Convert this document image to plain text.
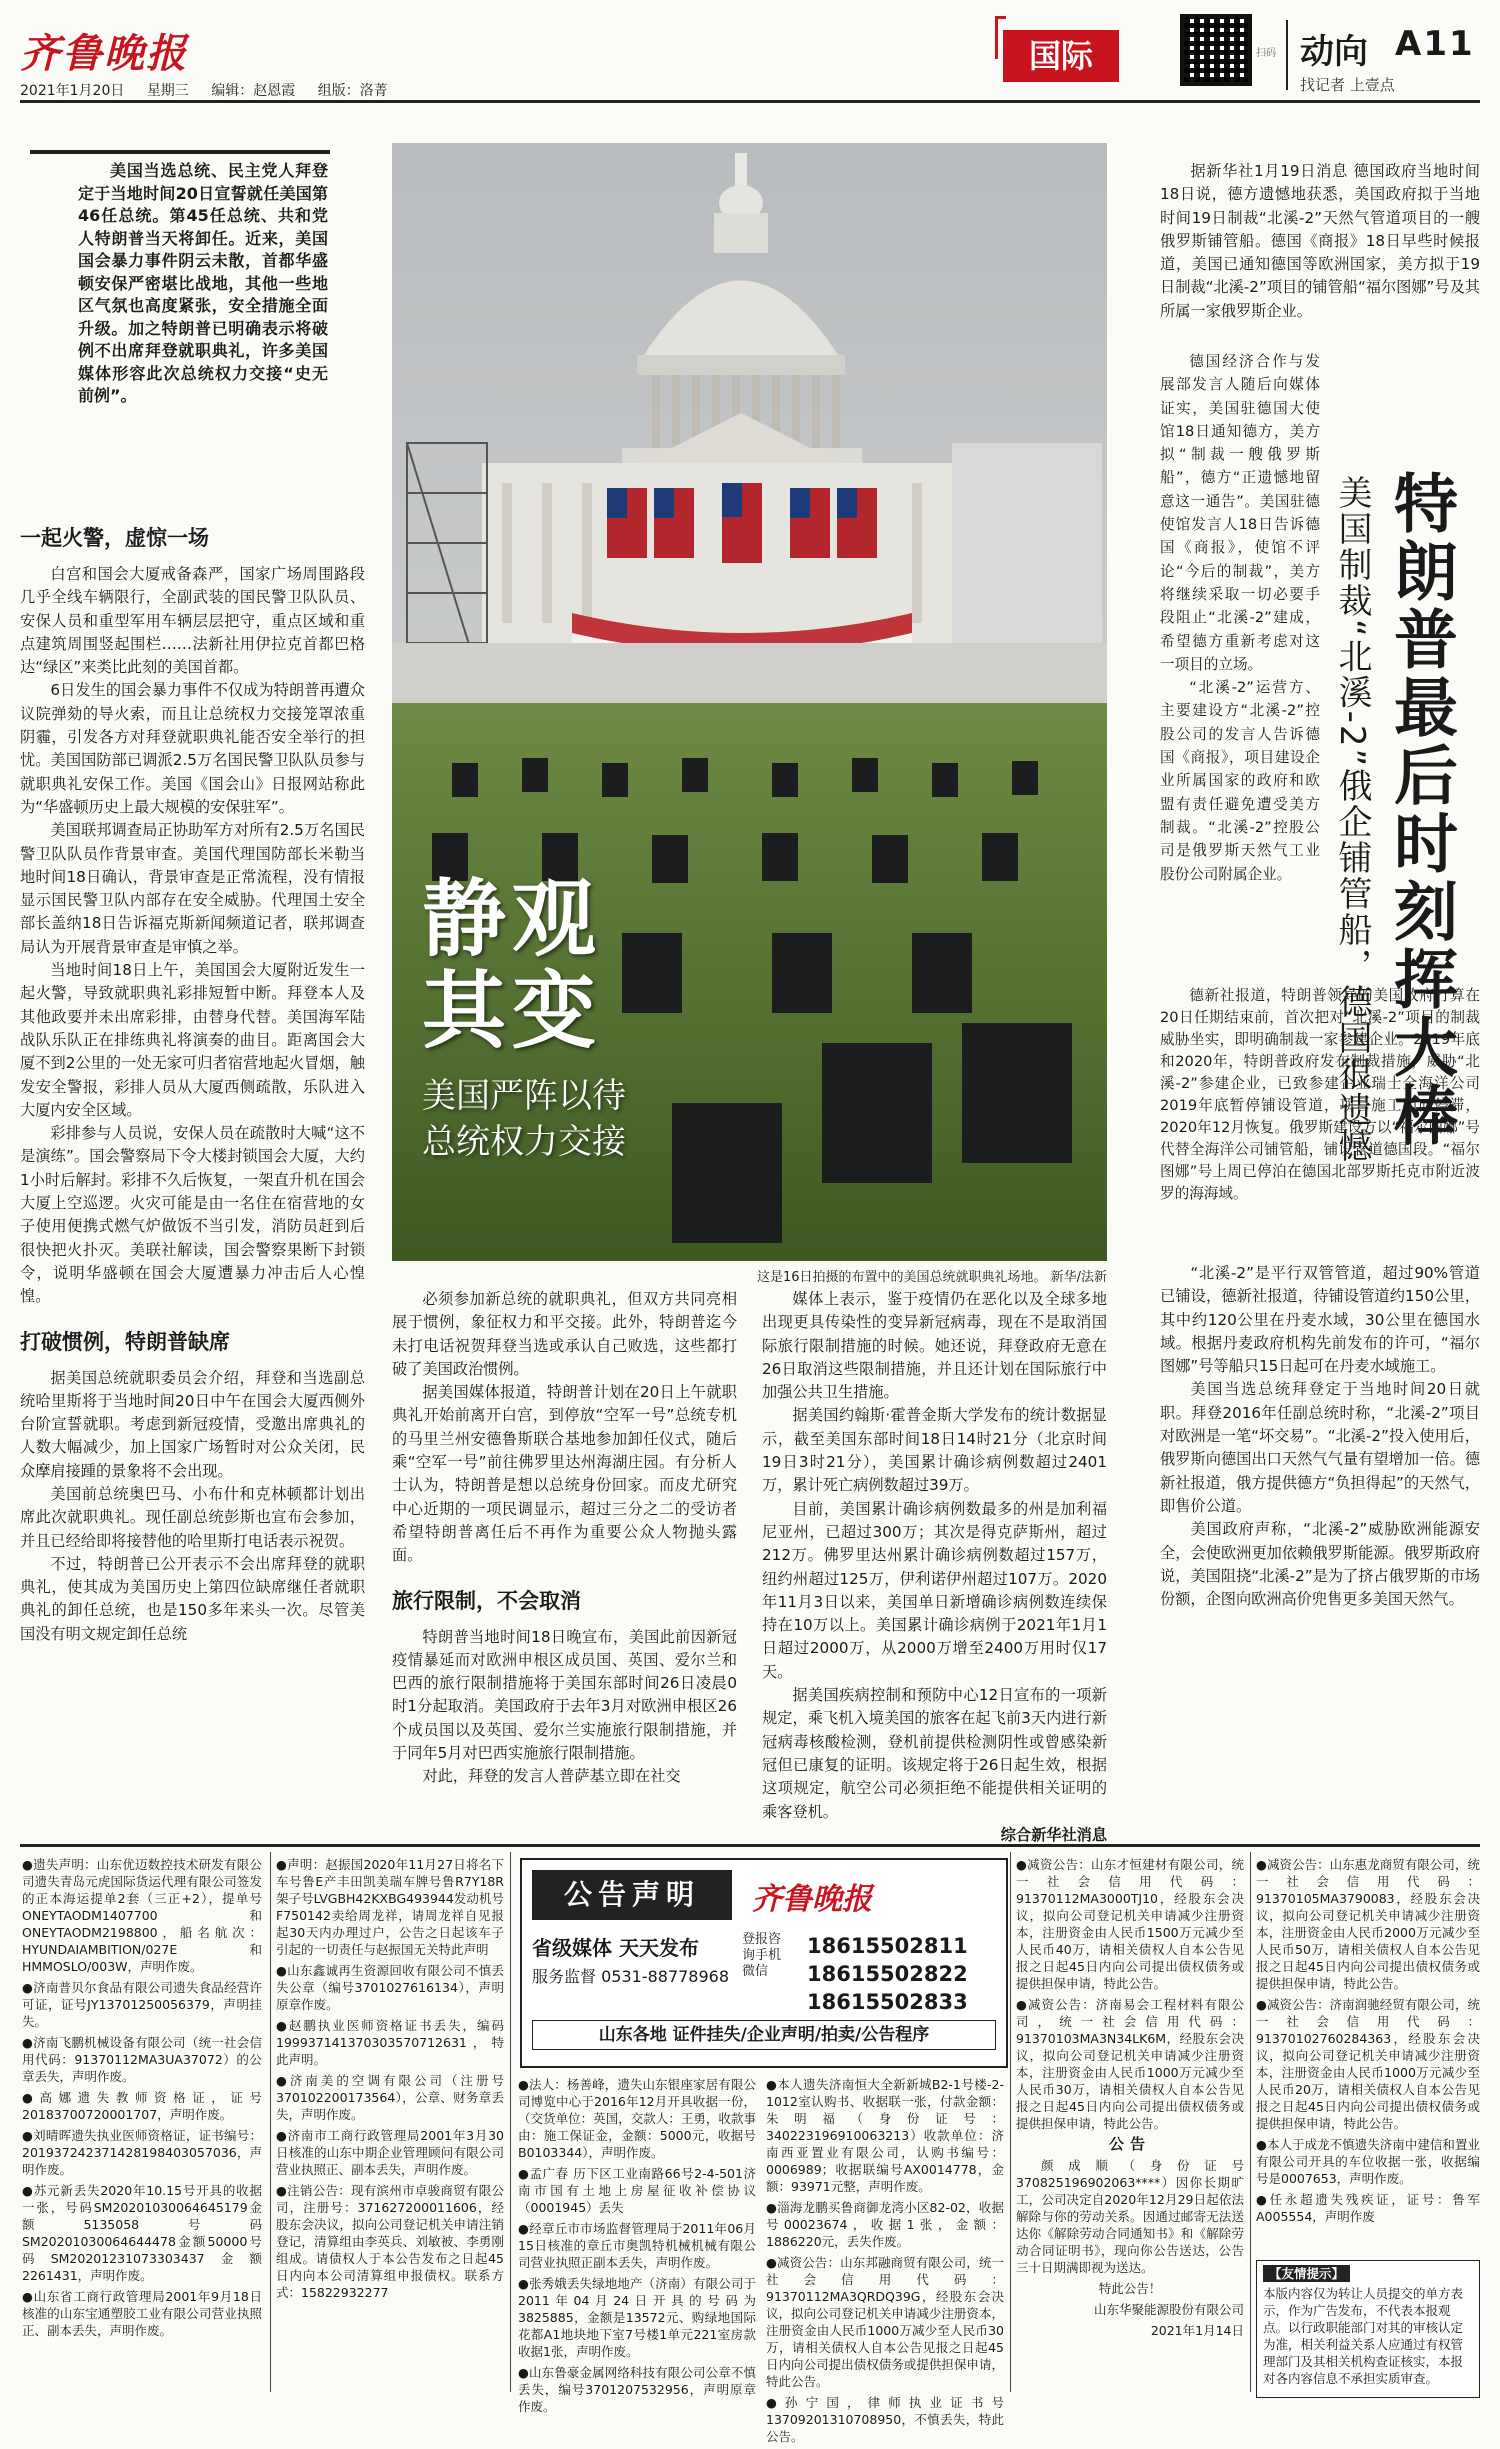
齐鲁晚报
2021年1月20日 星期三 编辑：赵恩霞 组版：洛菁
国际	扫码 动向 A11
找记者 上壹点

美国当选总统、民主党人拜登定于当地时间20日宣誓就任美国第46任总统。第45任总统、共和党人特朗普当天将卸任。近来，美国国会暴力事件阴云未散，首都华盛顿安保严密堪比战地，其他一些地区气氛也高度紧张，安全措施全面升级。加之特朗普已明确表示将破例不出席拜登就职典礼，许多美国媒体形容此次总统权力交接“史无前例”。

一起火警，虚惊一场

白宫和国会大厦戒备森严，国家广场周围路段几乎全线车辆限行，全副武装的国民警卫队队员、安保人员和重型军用车辆层层把守，重点区域和重点建筑周围竖起围栏……法新社用伊拉克首都巴格达“绿区”来类比此刻的美国首都。

6日发生的国会暴力事件不仅成为特朗普再遭众议院弹劾的导火索，而且让总统权力交接笼罩浓重阴霾，引发各方对拜登就职典礼能否安全举行的担忧。美国国防部已调派2.5万名国民警卫队队员参与就职典礼安保工作。美国《国会山》日报网站称此为“华盛顿历史上最大规模的安保驻军”。

美国联邦调查局正协助军方对所有2.5万名国民警卫队队员作背景审查。美国代理国防部长米勒当地时间18日确认，背景审查是正常流程，没有情报显示国民警卫队内部存在安全威胁。代理国土安全部长盖纳18日告诉福克斯新闻频道记者，联邦调查局认为开展背景审查是审慎之举。

当地时间18日上午，美国国会大厦附近发生一起火警，导致就职典礼彩排短暂中断。拜登本人及其他政要并未出席彩排，由替身代替。美国海军陆战队乐队正在排练典礼将演奏的曲目。距离国会大厦不到2公里的一处无家可归者宿营地起火冒烟，触发安全警报，彩排人员从大厦西侧疏散，乐队进入大厦内安全区域。

彩排参与人员说，安保人员在疏散时大喊“这不是演练”。国会警察局下令大楼封锁国会大厦，大约1小时后解封。彩排不久后恢复，一架直升机在国会大厦上空巡逻。火灾可能是由一名住在宿营地的女子使用便携式燃气炉做饭不当引发，消防员赶到后很快把火扑灭。美联社解读，国会警察果断下封锁令，说明华盛顿在国会大厦遭暴力冲击后人心惶惶。

打破惯例，特朗普缺席

据美国总统就职委员会介绍，拜登和当选副总统哈里斯将于当地时间20日中午在国会大厦西侧外台阶宣誓就职。考虑到新冠疫情，受邀出席典礼的人数大幅减少，加上国家广场暂时对公众关闭，民众摩肩接踵的景象将不会出现。

美国前总统奥巴马、小布什和克林顿都计划出席此次就职典礼。现任副总统彭斯也宣布会参加，并且已经给即将接替他的哈里斯打电话表示祝贺。

不过，特朗普已公开表示不会出席拜登的就职典礼，使其成为美国历史上第四位缺席继任者就职典礼的卸任总统，也是150多年来头一次。尽管美国没有明文规定卸任总统

静观
其变
美国严阵以待
总统权力交接
这是16日拍摄的布置中的美国总统就职典礼场地。 新华/法新

必须参加新总统的就职典礼，但双方共同亮相展于惯例，象征权力和平交接。此外，特朗普迄今未打电话祝贺拜登当选或承认自己败选，这些都打破了美国政治惯例。

据美国媒体报道，特朗普计划在20日上午就职典礼开始前离开白宫，到停放“空军一号”总统专机的马里兰州安德鲁斯联合基地参加卸任仪式，随后乘“空军一号”前往佛罗里达州海湖庄园。有分析人士认为，特朗普是想以总统身份回家。而皮尤研究中心近期的一项民调显示，超过三分之二的受访者希望特朗普离任后不再作为重要公众人物抛头露面。

旅行限制，不会取消

特朗普当地时间18日晚宣布，美国此前因新冠疫情暴延而对欧洲申根区成员国、英国、爱尔兰和巴西的旅行限制措施将于美国东部时间26日凌晨0时1分起取消。美国政府于去年3月对欧洲申根区26个成员国以及英国、爱尔兰实施旅行限制措施，并于同年5月对巴西实施旅行限制措施。

对此，拜登的发言人普萨基立即在社交

媒体上表示，鉴于疫情仍在恶化以及全球多地出现更具传染性的变异新冠病毒，现在不是取消国际旅行限制措施的时候。她还说，拜登政府无意在26日取消这些限制措施，并且还计划在国际旅行中加强公共卫生措施。

据美国约翰斯·霍普金斯大学发布的统计数据显示，截至美国东部时间18日14时21分（北京时间19日3时21分），美国累计确诊病例数超过2401万，累计死亡病例数超过39万。

目前，美国累计确诊病例数最多的州是加利福尼亚州，已超过300万；其次是得克萨斯州，超过212万。佛罗里达州累计确诊病例数超过157万，纽约州超过125万，伊利诺伊州超过107万。2020年11月3日以来，美国单日新增确诊病例数连续保持在10万以上。美国累计确诊病例于2021年1月1日超过2000万，从2000万增至2400万用时仅17天。

据美国疾病控制和预防中心12日宣布的一项新规定，乘飞机入境美国的旅客在起飞前3天内进行新冠病毒核酸检测，登机前提供检测阴性或曾感染新冠但已康复的证明。该规定将于26日起生效，根据这项规定，航空公司必须拒绝不能提供相关证明的乘客登机。

综合新华社消息

特朗普最后时刻挥大棒
美国制裁“北溪-2”俄企铺管船，德国很遗憾

据新华社1月19日消息 德国政府当地时间18日说，德方遗憾地获悉，美国政府拟于当地时间19日制裁“北溪-2”天然气管道项目的一艘俄罗斯铺管船。德国《商报》18日早些时候报道，美国已通知德国等欧洲国家，美方拟于19日制裁“北溪-2”项目的铺管船“福尔图娜”号及其所属一家俄罗斯企业。

德国经济合作与发展部发言人随后向媒体证实，美国驻德国大使馆18日通知德方，美方拟“制裁一艘俄罗斯船”，德方“正遗憾地留意这一通告”。美国驻德使馆发言人18日告诉德国《商报》，使馆不评论“今后的制裁”，美方将继续采取一切必要手段阻止“北溪-2”建成，希望德方重新考虑对这一项目的立场。

“北溪-2”运营方、主要建设方“北溪-2”控股公司的发言人告诉德国《商报》，项目建设企业所属国家的政府和欧盟有责任避免遭受美方制裁。“北溪-2”控股公司是俄罗斯天然气工业股份公司附属企业。

“北溪-2”是平行双管管道，超过90%管道已铺设，德新社报道，待铺设管道约150公里，其中约120公里在丹麦水域，30公里在德国水域。根据丹麦政府机构先前发布的许可，“福尔图娜”号等船只15日起可在丹麦水域施工。

美国当选总统拜登定于当地时间20日就职。拜登2016年任副总统时称，“北溪-2”项目对欧洲是一笔“坏交易”。“北溪-2”投入使用后，俄罗斯向德国出口天然气气量有望增加一倍。德新社报道，俄方提供德方“负担得起”的天然气，即售价公道。

美国政府声称，“北溪-2”威胁欧洲能源安全，会使欧洲更加依赖俄罗斯能源。俄罗斯政府说，美国阻挠“北溪-2”是为了挤占俄罗斯的市场份额，企图向欧洲高价兜售更多美国天然气。

德新社报道，特朗普领导的美国政府打算在20日任期结束前，首次把对“北溪-2”项目的制裁威胁坐实，即明确制裁一家参建企业。2019年底和2020年，特朗普政府发布制裁措施，威胁“北溪-2”参建企业，已致参建企业瑞士全海洋公司2019年底暂停铺设管道，项目施工因而停滞，2020年12月恢复。俄罗斯建设方以“福尔图娜”号代替全海洋公司铺管船，铺设管道德国段。“福尔图娜”号上周已停泊在德国北部罗斯托克市附近波罗的海海域。

●遗失声明：山东优迈数控技术研发有限公司遗失青岛元虎国际货运代理有限公司签发的正本海运提单2套（三正+2），提单号ONEYTAODM1407700和ONEYTAODM2198800，船名航次：HYUNDAIAMBITION/027E和HMMOSLO/003W，声明作废。
●济南普贝尔食品有限公司遗失食品经营许可证，证号JY13701250056379，声明挂失。
●济南飞鹏机械设备有限公司（统一社会信用代码：91370112MA3UA37072）的公章丢失，声明作废。
●高娜遗失教师资格证，证号20183700720001707，声明作废。
●刘晴晖遗失执业医师资格证，证书编号：201937242371428198403057036，声明作废。
●苏元新丢失2020年10.15号开具的收据一张，号码SM20201030064645179金额5135058号码SM20201030064644478金额50000号码SM20201231073303437金额2261431，声明作废。
●山东省工商行政管理局2001年9月18日核准的山东宝通塑胶工业有限公司营业执照正、副本丢失，声明作废。
●声明：赵振国2020年11月27日将名下车号鲁E产丰田凯美瑞车牌号鲁R7Y18R架子号LVGBH42KXBG493944发动机号F750142卖给周龙祥，请周龙祥自见报起30天内办理过户，公告之日起该车子引起的一切责任与赵振国无关特此声明
●山东鑫诚再生资源回收有限公司不慎丢失公章（编号3701027616134），声明原章作废。
●赵鹏执业医师资格证书丢失，编码199937141370303570712631，特此声明。
●济南美的空调有限公司（注册号370102200173564），公章、财务章丢失，声明作废。
●济南市工商行政管理局2001年3月30日核准的山东中期企业管理顾问有限公司营业执照正、副本丢失，声明作废。
●注销公告：现有滨州市卓骏商贸有限公司，注册号：371627200011606，经股东会决议，拟向公司登记机关申请注销登记，清算组由李英兵、刘敏被、李勇刚组成。请债权人于本公告发布之日起45日内向本公司清算组申报债权。联系方式：15822932277
公告声明	齐鲁晚报
省级媒体 天天发布
服务监督 0531-88778968
登报咨询手机微信
18615502811
18615502822
18615502833
山东各地 证件挂失/企业声明/拍卖/公告程序
●法人：杨善峰，遗失山东银座家居有限公司博览中心于2016年12月开具收据一份，（交货单位：英国，交款人：王勇，收款事由：施工保证金，金额：5000元，收据号B0103344），声明作废。
●孟广春 历下区工业南路66号2-4-501济南市国有土地上房屋征收补偿协议（0001945）丢失
●经章丘市市场监督管理局于2011年06月15日核准的章丘市奥凯特机械机械有限公司营业执照正副本丢失，声明作废。
●张秀娥丢失绿地地产（济南）有限公司于2011年04月24日开具的号码为3825885，金额是13572元、购绿地国际花都A1地块地下室7号楼1单元221室房款收据1张，声明作废。
●山东鲁豪金属网络科技有限公司公章不慎丢失，编号3701207532956，声明原章作废。
●本人遗失济南恒大全新新城B2-1号楼-2-1012室认购书、收据联一张，付款金额：朱明福（身份证号：340223196910063213）收款单位：济南西亚置业有限公司，认购书编号：0006989；收据联编号AX0014778，金额：93971元整，声明作废。
●淄海龙鹏买鲁商御龙湾小区82-02，收据号00023674，收据1张，金额：1886220元，丢失作废。
●减资公告：山东邦融商贸有限公司，统一社会信用代码：91370112MA3QRDQ39G，经股东会决议，拟向公司登记机关申请减少注册资本，注册资金由人民币1000万减少至人民币30万，请相关债权人自本公告见报之日起45日内向公司提出债权债务或提供担保申请，特此公告。
●孙宁国，律师执业证书号13709201310708950，不慎丢失，特此公告。
●减资公告：山东才恒建材有限公司，统一社会信用代码：91370112MA3000TJ10，经股东会决议，拟向公司登记机关申请减少注册资本，注册资金由人民币1500万元减少至人民币40万，请相关债权人自本公告见报之日起45日内向公司提出债权债务或提供担保申请，特此公告。
●减资公告：济南易会工程材料有限公司，统一社会信用代码：91370103MA3N34LK6M，经股东会决议，拟向公司登记机关申请减少注册资本，注册资金由人民币1000万元减少至人民币30万，请相关债权人自本公告见报之日起45日内向公司提出债权债务或提供担保申请，特此公告。
公告
颜成顺（身份证号370825196902063****）因你长期旷工，公司决定自2020年12月29日起依法解除与你的劳动关系。因通过邮寄无法送达你《解除劳动合同通知书》和《解除劳动合同证明书》，现向你公告送达，公告三十日期满即视为送达。
特此公告！
山东华聚能源股份有限公司
2021年1月14日
●减资公告：山东惠龙商贸有限公司，统一社会信用代码：91370105MA3790083，经股东会决议，拟向公司登记机关申请减少注册资本，注册资金由人民币2000万元减少至人民币50万，请相关债权人自本公告见报之日起45日内向公司提出债权债务或提供担保申请，特此公告。
●减资公告：济南润驰经贸有限公司，统一社会信用代码：91370102760284363，经股东会决议，拟向公司登记机关申请减少注册资本，注册资金由人民币1000万元减少至人民币20万，请相关债权人自本公告见报之日起45日内向公司提出债权债务或提供担保申请，特此公告。
●本人于成龙不慎遗失济南中建信和置业有限公司开具的车位收据一张，收据编号是0007653，声明作废。
●任永超遗失残疾证，证号：鲁军A005554，声明作废
【友情提示】
本版内容仅为转让人员提交的单方表示，作为广告发布，不代表本报观点。以行政职能部门对其的审核认定为准，相关利益关系人应通过有权管理部门及其相关机构查证核实，本报对各内容信息不承担实质审查。
